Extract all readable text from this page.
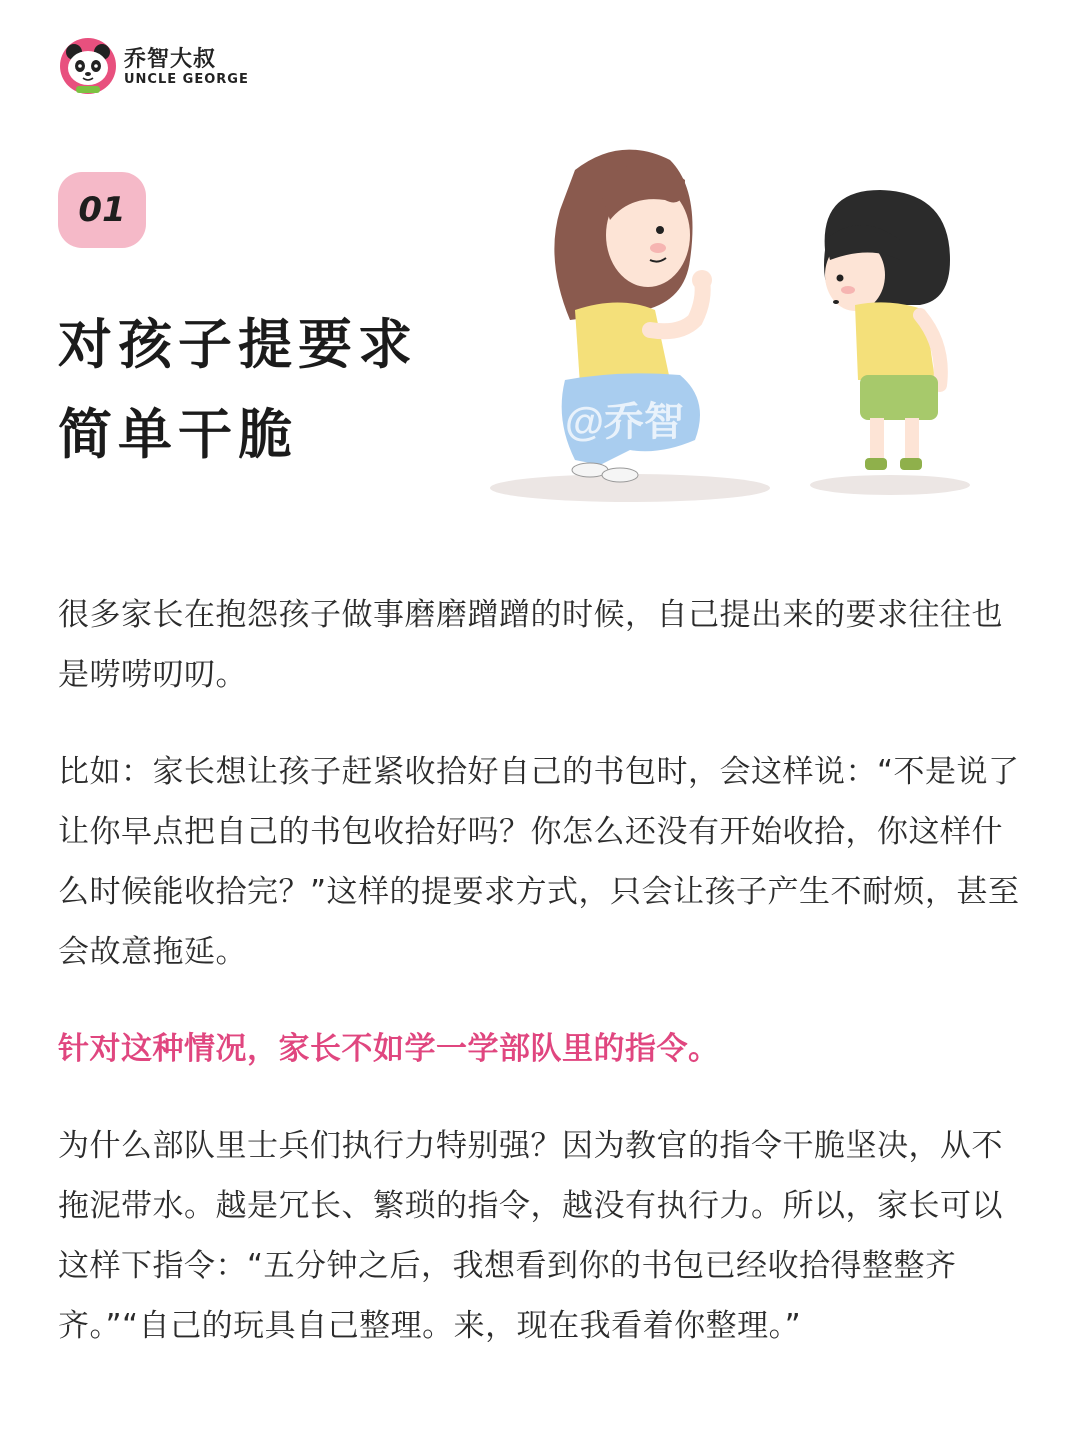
乔智大叔
UNCLE GEORGE
01
对孩子提要求
简单干脆	@乔智

很多家长在抱怨孩子做事磨磨蹭蹭的时候，自己提出来的要求往往也是唠唠叨叨。

比如：家长想让孩子赶紧收拾好自己的书包时，会这样说：“不是说了让你早点把自己的书包收拾好吗？你怎么还没有开始收拾，你这样什么时候能收拾完？”这样的提要求方式，只会让孩子产生不耐烦，甚至会故意拖延。

针对这种情况，家长不如学一学部队里的指令。

为什么部队里士兵们执行力特别强？因为教官的指令干脆坚决，从不拖泥带水。越是冗长、繁琐的指令，越没有执行力。所以，家长可以这样下指令：“五分钟之后，我想看到你的书包已经收拾得整整齐齐。”“自己的玩具自己整理。来，现在我看着你整理。”
